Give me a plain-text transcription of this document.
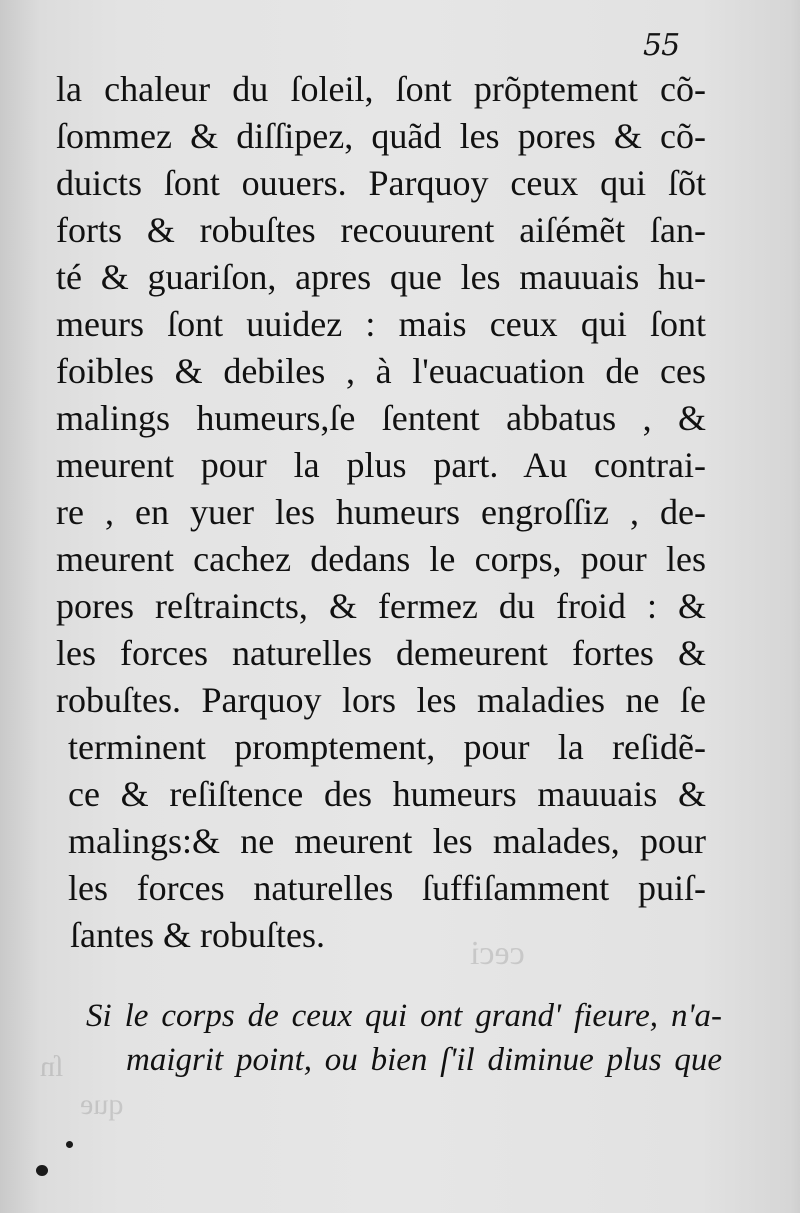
ceci
ſn
que
55
la chaleur du ſoleil, ſont prõptement cõ-
ſommez & diſſipez, quãd les pores & cõ-
duicts ſont ouuers. Parquoy ceux qui ſõt
forts & robuſtes recouurent aiſémẽt ſan-
té & guariſon, apres que les mauuais hu-
meurs ſont uuidez : mais ceux qui ſont
foibles & debiles , à l'euacuation de ces
malings humeurs,ſe ſentent abbatus , &
meurent pour la plus part. Au contrai-
re , en yuer les humeurs engroſſiz , de-
meurent cachez dedans le corps, pour les
pores reſtraincts, & fermez du froid : &
les forces naturelles demeurent fortes &
robuſtes. Parquoy lors les maladies ne ſe
terminent promptement, pour la reſidẽ-
ce & reſiſtence des humeurs mauuais &
malings:& ne meurent les malades, pour
les forces naturelles ſuffiſamment puiſ-
ſantes & robuſtes.
Si le corps de ceux qui ont grand' fieure, n'a-
maigrit point, ou bien ſ'il diminue plus que
